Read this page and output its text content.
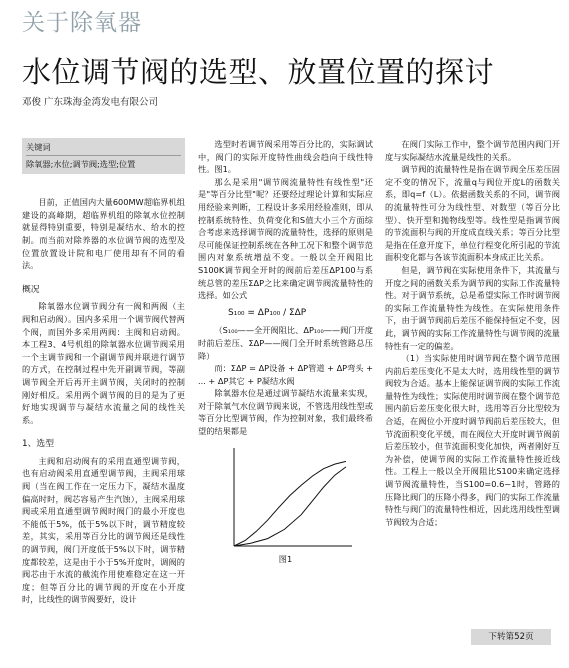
关于除氧器
水位调节阀的选型、放置位置的探讨
邓俊 广东珠海金湾发电有限公司
关键词
除氧器;水位;调节阀;选型;位置

目前，正值国内大量600MW超临界机组建设的高峰期，超临界机组的除氧水位控制就显得特别重要，特别是凝结水、给水的控制。而当前对除养器的水位调节阀的选型及位置放置设计院和电厂使用却有不同的看法。

概况

除氧器水位调节阀分有一阀和两阀（主阀和启动阀）。国内多采用一个调节阀代替两个阀，而国外多采用两阀：主阀和启动阀。本工程3、4号机组的除氧器水位调节阀采用一个主调节阀和一个副调节阀并联进行调节的方式，在控制过程中先开副调节阀，等副调节阀全开后再开主调节阀，关闭时的控制刚好相反。采用两个调节阀的目的是为了更好地实现调节与凝结水流量之间的线性关系。

1、选型

主阀和启动阀有的采用直通型调节阀，也有启动阀采用直通型调节阀，主阀采用球阀（当在阀工作在一定压力下，凝结水温度偏高时时，阀芯容易产生汽蚀），主阀采用球阀或采用直通型调节阀时阀门的最小开度也不能低于5%，低于5%以下时，调节精度较差，其实，采用等百分比的调节阀还是线性的调节阀，阀门开度低于5%以下时，调节精度都较差，这是由于小于5%开度时，调阀的阀芯由于水流的截流作用使难稳定在这一开度；但等百分比的调节阀的开度在小开度时，比线性的调节阀要好，设计

选型时若调节阀采用等百分比的，实际调试中，阀门的实际开度特性曲线会趋向于线性特性。图1。

那么是采用"调节阀流量特性有线性型"还是"等百分比型"呢？还要经过理论计算和实际应用经验来判断，工程设计多采用经验准则，即从控制系统特性、负荷变化和S值大小三个方面综合考虑来选择调节阀的流量特性，选择的原则是尽可能保证控制系统在各种工况下和整个调节范围内对象系统增益不变。一般以全开阀阻比S100K调节阀全开时的阀前后差压ΔP100与系统总管的差压ΣΔP之比来确定调节阀流量特性的选择。如公式

S₁₀₀ = ΔP₁₀₀ / ΣΔP

（S₁₀₀——全开阀阻比、ΔP₁₀₀——阀门开度时前后差压、ΣΔP——阀门全开时系统管路总压降）

而：ΣΔP = ΔP设备 + ΔP管道 + ΔP弯头 + ... + ΔP其它 + P凝结水阀

除氧器水位是通过调节凝结水流量来实现，对于除氧气水位调节阀来说，不管选用线性型或等百分比型调节阀，作为控制对象，我们最终希望的结果都是

图1

在阀门实际工作中，整个调节范围内阀门开度与实际凝结水流量是线性的关系。

调节阀的流量特性是指在调节阀全压差压固定不变的情况下，流量q与阀位开度L的函数关系，即q=f（L）。依据函数关系的不同，调节阀的流量特性可分为线性型、对数型（等百分比型）、快开型和抛物线型等。线性型是指调节阀的节流面积与阀的开度成直线关系；等百分比型是指在任意开度下，单位行程变化所引起的节流面积变化都与各该节流面积本身成正比关系。

但是，调节阀在实际使用条件下，其流量与开度之间的函数关系为调节阀的实际工作流量特性。对于调节系统，总是希望实际工作时调节阀的实际工作流量特性为线性。在实际使用条件下，由于调节阀前后差压不能保持恒定不变，因此，调节阀的实际工作流量特性与调节阀的流量特性有一定的偏差。

（1）当实际使用时调节阀在整个调节范围内前后差压变化不是太大时，选用线性型的调节阀较为合适。基本上能保证调节阀的实际工作流量特性为线性；实际使用时调节阀在整个调节范围内前后差压变化很大时，选用等百分比型较为合适，在阀位小开度时调节阀前后差压较大，但节流面积变化平缓，而在阀位大开度时调节阀前后差压较小，但节流面积变化加快，两者刚好互为补偿，使调节阀的实际工作流量特性接近线性。工程上一般以全开阀阻比S100来确定选择调节阀流量特性，当S100=0.6~1时，管路的压降比阀门的压降小得多，阀门的实际工作流量特性与阀门的流量特性相近，因此选用线性型调节阀较为合适；

下转第52页
